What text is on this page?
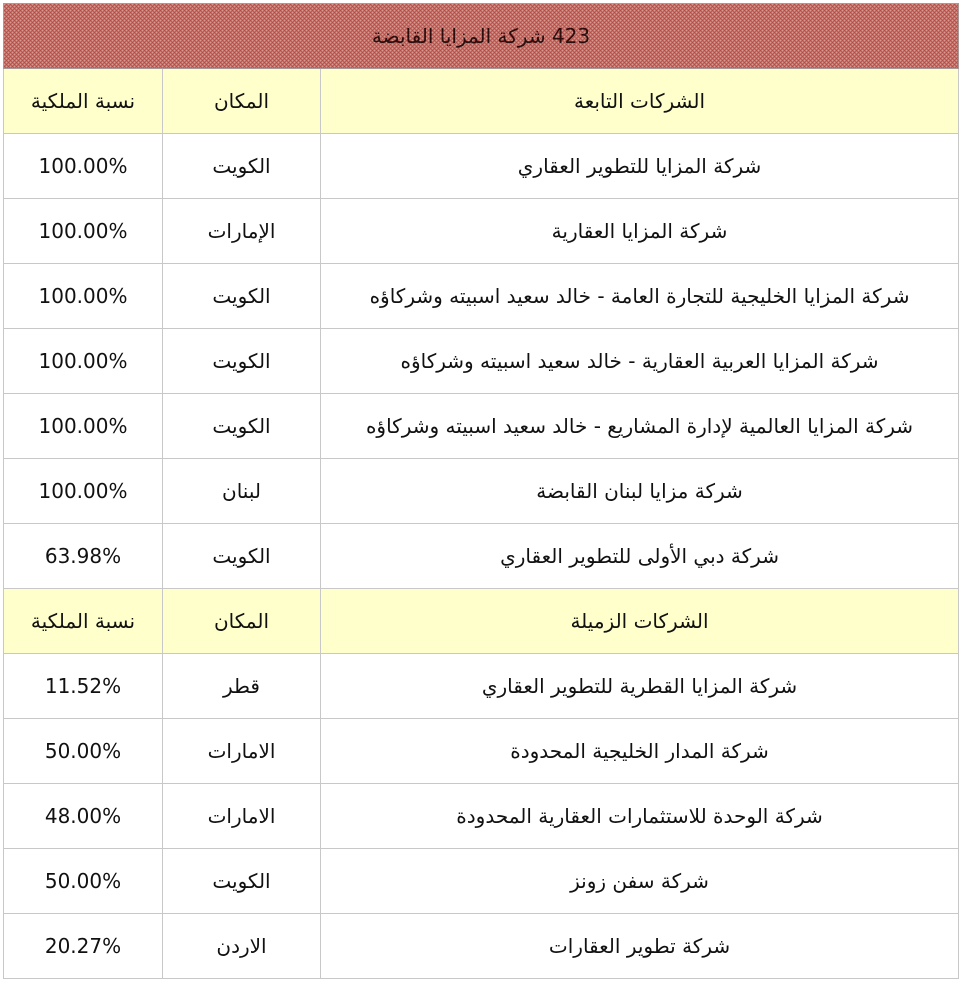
423 شركة المزايا القابضة		
نسبة الملكية	المكان	الشركات التابعة
100.00%	الكويت	شركة المزايا للتطوير العقاري
100.00%	الإمارات	شركة المزايا العقارية
100.00%	الكويت	شركة المزايا الخليجية للتجارة العامة - خالد سعيد اسبيته وشركاؤه
100.00%	الكويت	شركة المزايا العربية العقارية - خالد سعيد اسبيته وشركاؤه
100.00%	الكويت	شركة المزايا العالمية لإدارة المشاريع - خالد سعيد اسبيته وشركاؤه
100.00%	لبنان	شركة مزايا لبنان القابضة
63.98%	الكويت	شركة دبي الأولى للتطوير العقاري
نسبة الملكية	المكان	الشركات الزميلة
11.52%	قطر	شركة المزايا القطرية للتطوير العقاري
50.00%	الامارات	شركة المدار الخليجية المحدودة
48.00%	الامارات	شركة الوحدة للاستثمارات العقارية المحدودة
50.00%	الكويت	شركة سفن زونز
20.27%	الاردن	شركة تطوير العقارات
